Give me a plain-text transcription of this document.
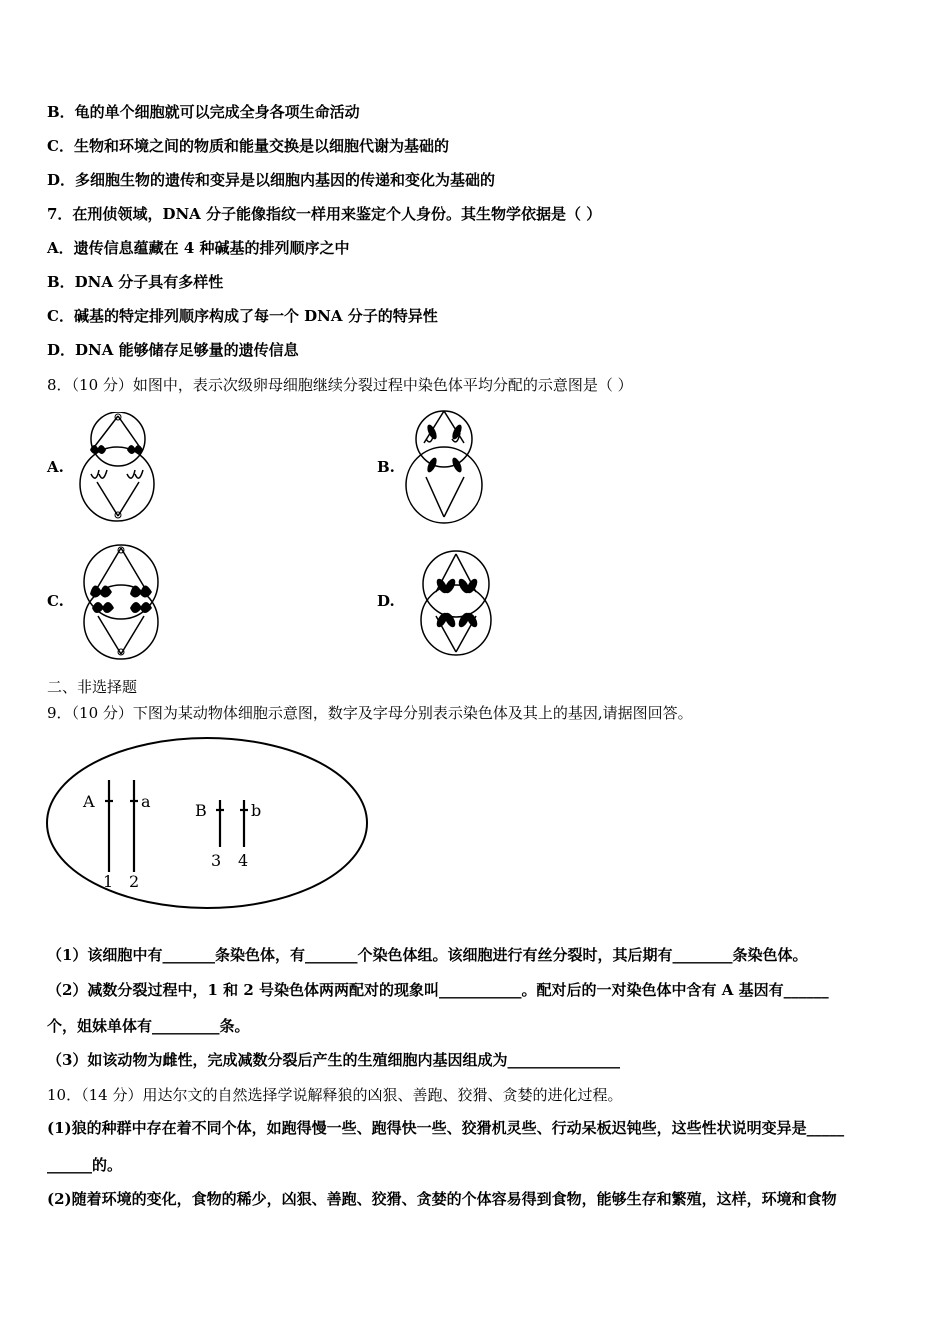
B．龟的单个细胞就可以完成全身各项生命活动
C．生物和环境之间的物质和能量交换是以细胞代谢为基础的
D．多细胞生物的遗传和变异是以细胞内基因的传递和变化为基础的
7．在刑侦领域，DNA 分子能像指纹一样用来鉴定个人身份。其生物学依据是（ ）
A．遗传信息蕴藏在 4 种碱基的排列顺序之中
B．DNA 分子具有多样性
C．碱基的特定排列顺序构成了每一个 DNA 分子的特异性
D．DNA 能够储存足够量的遗传信息
8．（10 分）如图中，表示次级卵母细胞继续分裂过程中染色体平均分配的示意图是（ ）
A.	B.
C.	D.
二、非选择题
9．（10 分）下图为某动物体细胞示意图，数字及字母分别表示染色体及其上的基因,请据图回答。
A	a	B	b
1 2
3 4
（1）该细胞中有_______条染色体，有_______个染色体组。该细胞进行有丝分裂时，其后期有________条染色体。
（2）减数分裂过程中，1 和 2 号染色体两两配对的现象叫___________。配对后的一对染色体中含有 A 基因有______
个，姐妹单体有_________条。
（3）如该动物为雌性，完成减数分裂后产生的生殖细胞内基因组成为_______________
10．（14 分）用达尔文的自然选择学说解释狼的凶狠、善跑、狡猾、贪婪的进化过程。
(1)狼的种群中存在着不同个体，如跑得慢一些、跑得快一些、狡猾机灵些、行动呆板迟钝些，这些性状说明变异是_____
______的。
(2)随着环境的变化，食物的稀少，凶狠、善跑、狡猾、贪婪的个体容易得到食物，能够生存和繁殖，这样，环境和食物
